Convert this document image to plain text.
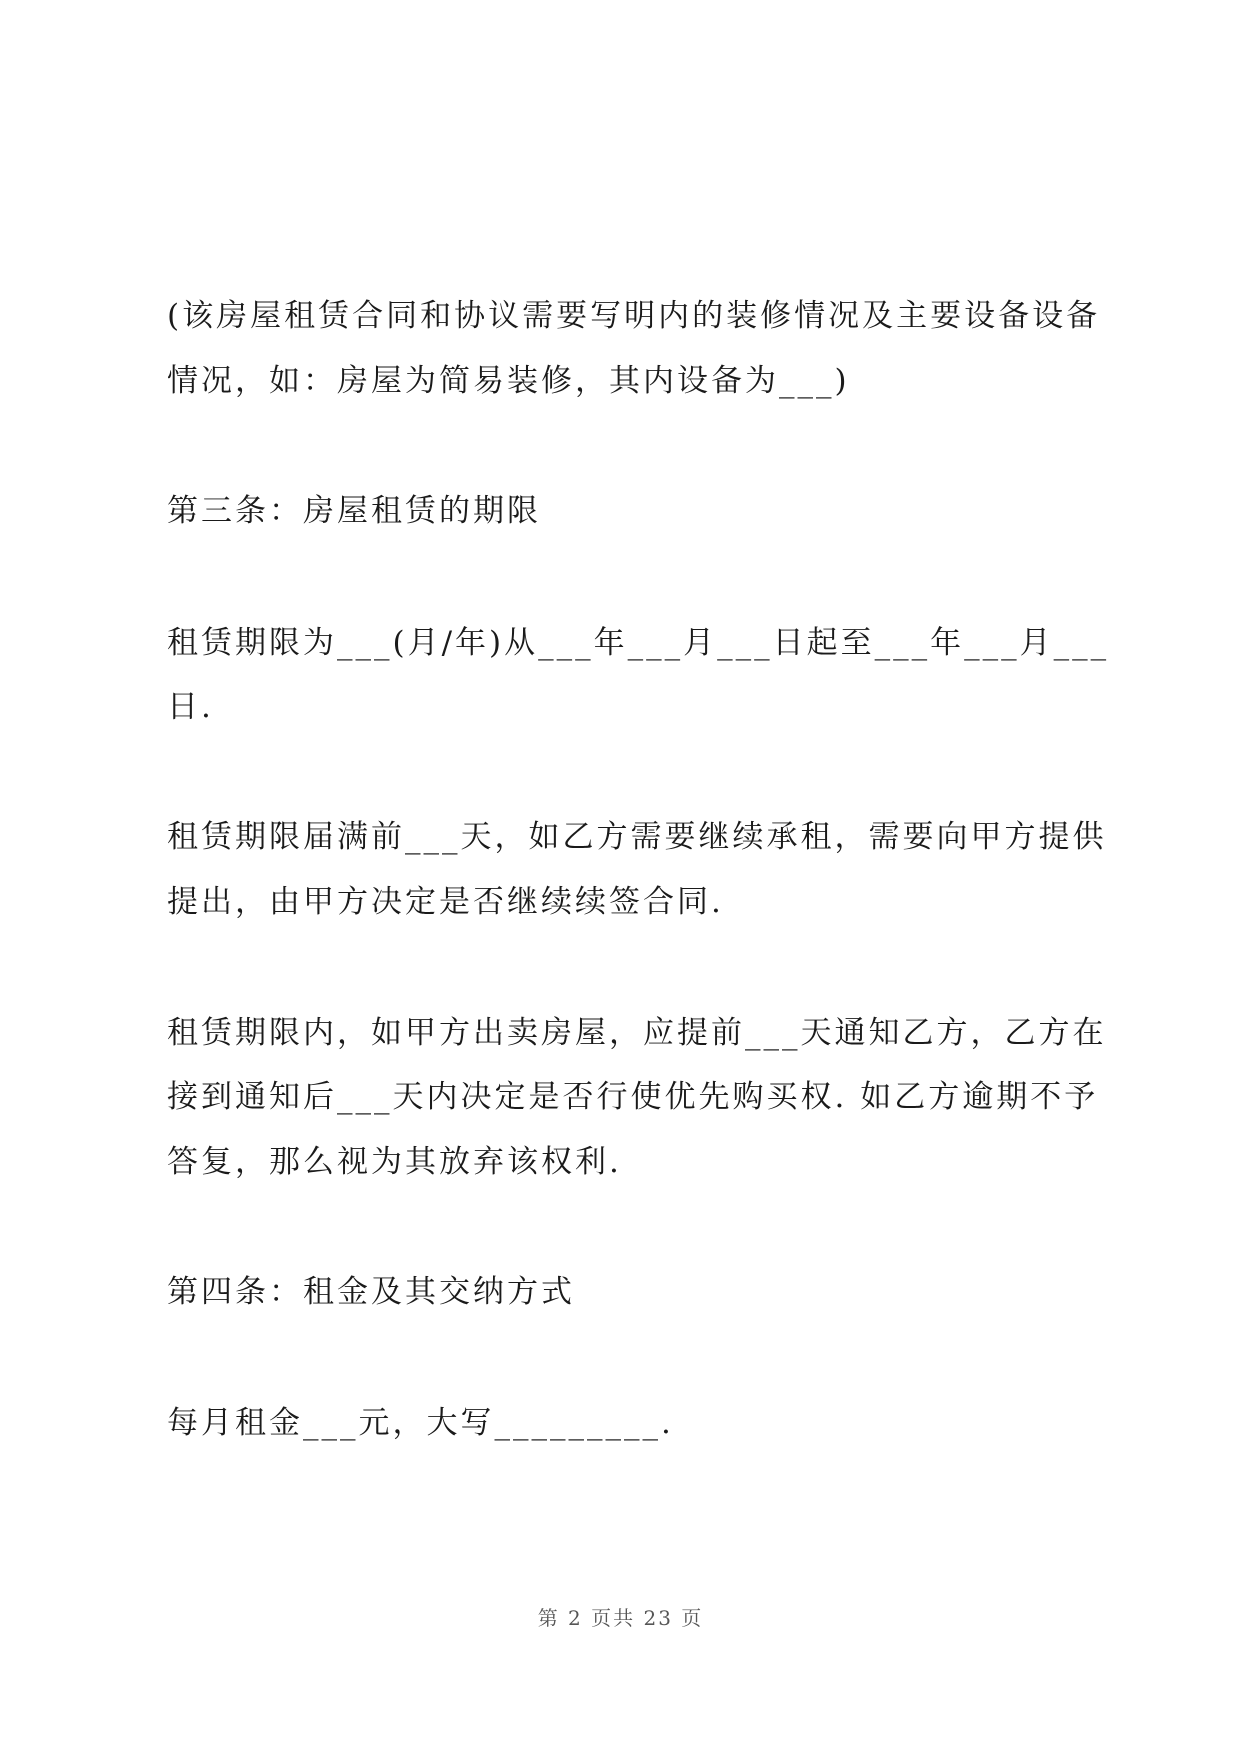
(该房屋租赁合同和协议需要写明内的装修情况及主要设备设备
情况，如：房屋为简易装修，其内设备为___)
第三条：房屋租赁的期限
租赁期限为___(月/年)从___年___月___日起至___年___月___
日.
租赁期限届满前___天，如乙方需要继续承租，需要向甲方提供
提出，由甲方决定是否继续续签合同.
租赁期限内，如甲方出卖房屋，应提前___天通知乙方，乙方在
接到通知后___天内决定是否行使优先购买权. 如乙方逾期不予
答复，那么视为其放弃该权利.
第四条：租金及其交纳方式
每月租金___元，大写_________.
第 2 页共 23 页
